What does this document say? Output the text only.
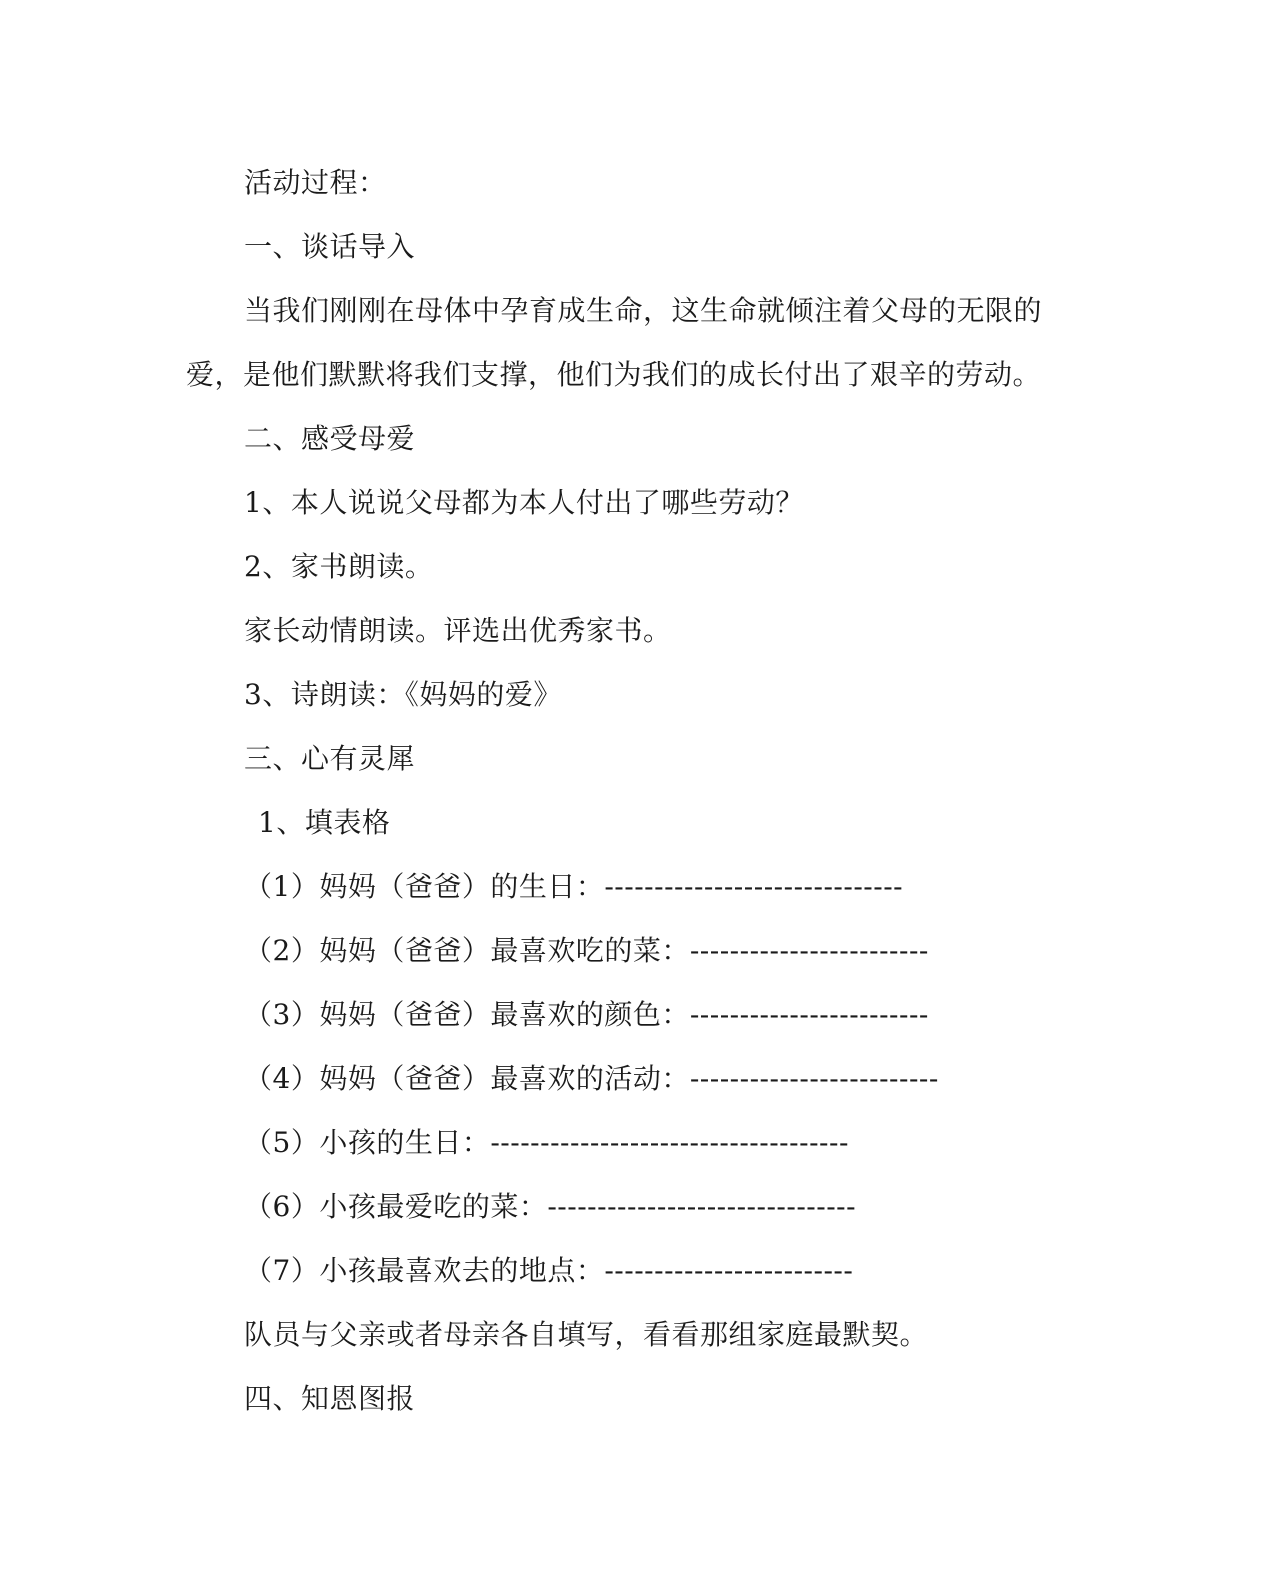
活动过程：
一、谈话导入
当我们刚刚在母体中孕育成生命，这生命就倾注着父母的无限的
爱，是他们默默将我们支撑，他们为我们的成长付出了艰辛的劳动。
二、感受母爱
1、本人说说父母都为本人付出了哪些劳动？
2、家书朗读。
家长动情朗读。评选出优秀家书。
3、诗朗读：《妈妈的爱》
三、心有灵犀
1、填表格
（1）妈妈（爸爸）的生日：------------------------------
（2）妈妈（爸爸）最喜欢吃的菜：------------------------
（3）妈妈（爸爸）最喜欢的颜色：------------------------
（4）妈妈（爸爸）最喜欢的活动：-------------------------
（5）小孩的生日：------------------------------------
（6）小孩最爱吃的菜：-------------------------------
（7）小孩最喜欢去的地点：-------------------------
队员与父亲或者母亲各自填写，看看那组家庭最默契。
四、知恩图报
